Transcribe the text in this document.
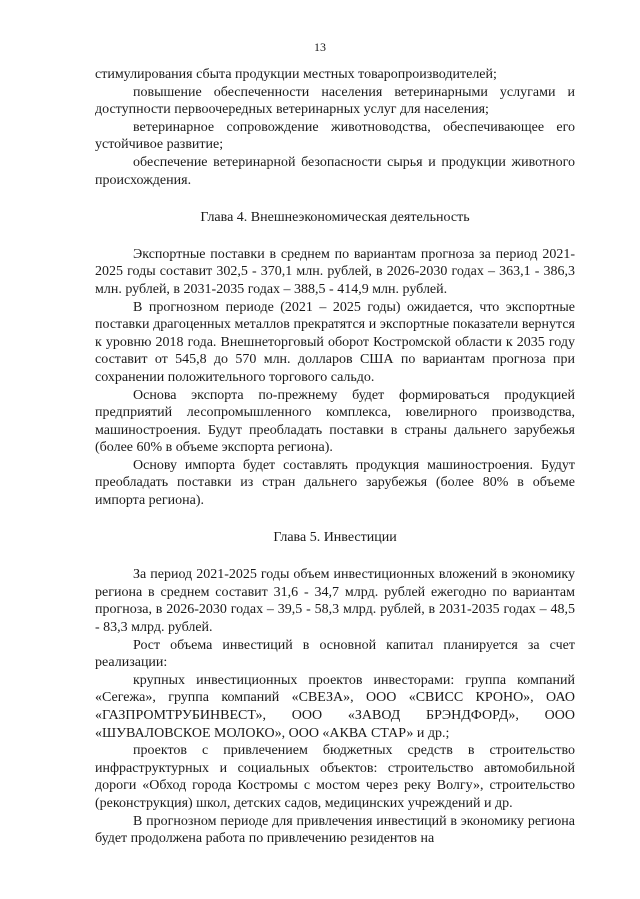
13

стимулирования сбыта продукции местных товаропроизводителей;

повышение обеспеченности населения ветеринарными услугами и доступности первоочередных ветеринарных услуг для населения;

ветеринарное сопровождение животноводства, обеспечивающее его устойчивое развитие;

обеспечение ветеринарной безопасности сырья и продукции животного происхождения.

Глава 4. Внешнеэкономическая деятельность

Экспортные поставки в среднем по вариантам прогноза за период 2021-2025 годы составит 302,5 - 370,1 млн. рублей, в 2026-2030 годах – 363,1 - 386,3 млн. рублей, в 2031-2035 годах – 388,5 - 414,9 млн. рублей.

В прогнозном периоде (2021 – 2025 годы) ожидается, что экспортные поставки драгоценных металлов прекратятся и экспортные показатели вернутся к уровню 2018 года. Внешнеторговый оборот Костромской области к 2035 году составит от 545,8 до 570 млн. долларов США по вариантам прогноза при сохранении положительного торгового сальдо.

Основа экспорта по-прежнему будет формироваться продукцией предприятий лесопромышленного комплекса, ювелирного производства, машиностроения. Будут преобладать поставки в страны дальнего зарубежья (более 60% в объеме экспорта региона).

Основу импорта будет составлять продукция машиностроения. Будут преобладать поставки из стран дальнего зарубежья (более 80% в объеме импорта региона).

Глава 5. Инвестиции

За период 2021-2025 годы объем инвестиционных вложений в экономику региона в среднем составит 31,6 - 34,7 млрд. рублей ежегодно по вариантам прогноза, в 2026-2030 годах – 39,5 - 58,3 млрд. рублей, в 2031-2035 годах – 48,5 - 83,3 млрд. рублей.

Рост объема инвестиций в основной капитал планируется за счет реализации:

крупных инвестиционных проектов инвесторами: группа компаний «Сегежа», группа компаний «СВЕЗА», ООО «СВИСС КРОНО», ОАО «ГАЗПРОМТРУБИНВЕСТ», ООО «ЗАВОД БРЭНДФОРД», ООО «ШУВАЛОВСКОЕ МОЛОКО», ООО «АКВА СТАР» и др.;

проектов с привлечением бюджетных средств в строительство инфраструктурных и социальных объектов: строительство автомобильной дороги «Обход города Костромы с мостом через реку Волгу», строительство (реконструкция) школ, детских садов, медицинских учреждений и др.

В прогнозном периоде для привлечения инвестиций в экономику региона будет продолжена работа по привлечению резидентов на
